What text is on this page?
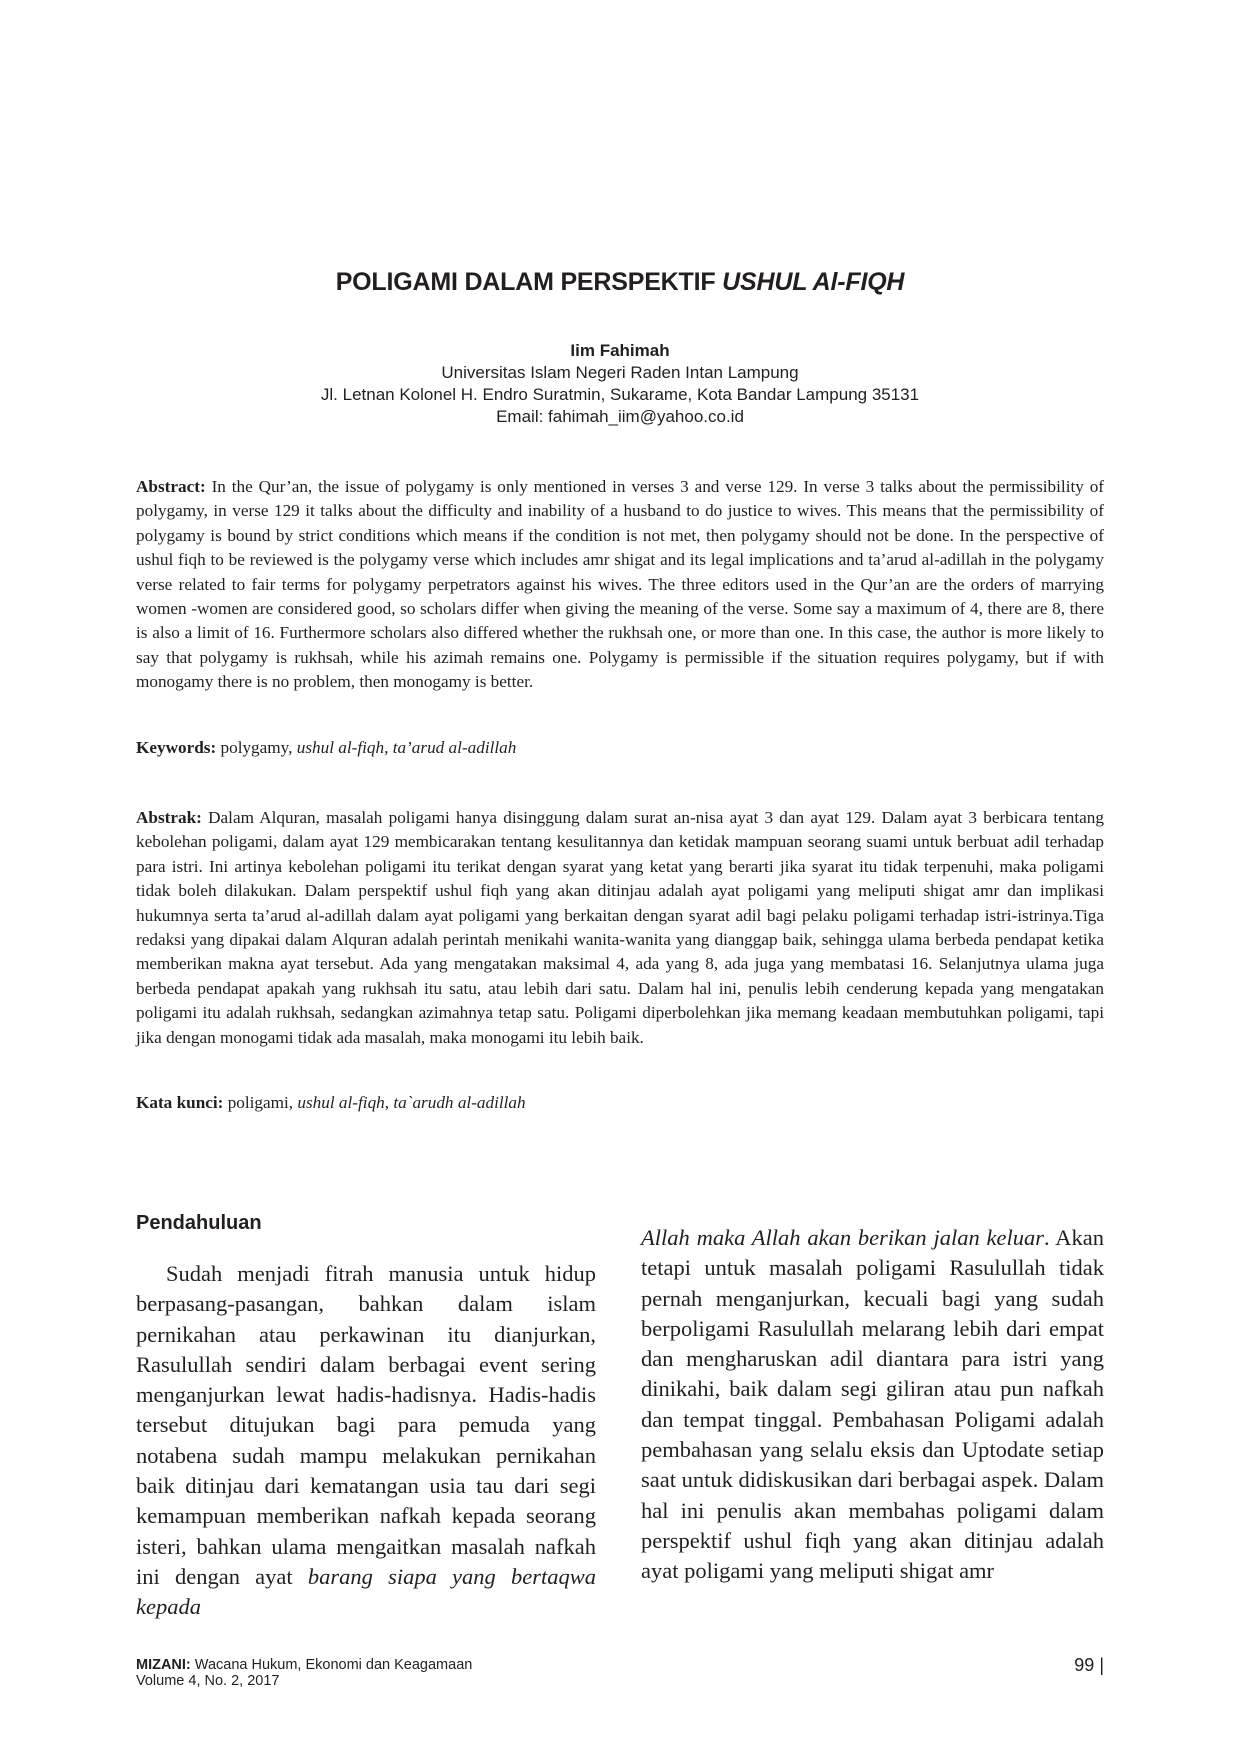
POLIGAMI DALAM PERSPEKTIF USHUL Al-FIQH
Iim Fahimah
Universitas Islam Negeri Raden Intan Lampung
Jl. Letnan Kolonel H. Endro Suratmin, Sukarame, Kota Bandar Lampung 35131
Email: fahimah_iim@yahoo.co.id
Abstract: In the Qur’an, the issue of polygamy is only mentioned in verses 3 and verse 129. In verse 3 talks about the permissibility of polygamy, in verse 129 it talks about the difficulty and inability of a husband to do justice to wives. This means that the permissibility of polygamy is bound by strict conditions which means if the condition is not met, then polygamy should not be done. In the perspective of ushul fiqh to be reviewed is the polygamy verse which includes amr shigat and its legal implications and ta’arud al-adillah in the polygamy verse related to fair terms for polygamy perpetrators against his wives. The three editors used in the Qur’an are the orders of marrying women -women are considered good, so scholars differ when giving the meaning of the verse. Some say a maximum of 4, there are 8, there is also a limit of 16. Furthermore scholars also differed whether the rukhsah one, or more than one. In this case, the author is more likely to say that polygamy is rukhsah, while his azimah remains one. Polygamy is permissible if the situation requires polygamy, but if with monogamy there is no problem, then monogamy is better.
Keywords: polygamy, ushul al-fiqh, ta’arud al-adillah
Abstrak: Dalam Alquran, masalah poligami hanya disinggung dalam surat an-nisa ayat 3 dan ayat 129. Dalam ayat 3 berbicara tentang kebolehan poligami, dalam ayat 129 membicarakan tentang kesulitannya dan ketidak mampuan seorang suami untuk berbuat adil terhadap para istri. Ini artinya kebolehan poligami itu terikat dengan syarat yang ketat yang berarti jika syarat itu tidak terpenuhi, maka poligami tidak boleh dilakukan. Dalam perspektif ushul fiqh yang akan ditinjau adalah ayat poligami yang meliputi shigat amr dan implikasi hukumnya serta ta’arud al-adillah dalam ayat poligami yang berkaitan dengan syarat adil bagi pelaku poligami terhadap istri-istrinya.Tiga redaksi yang dipakai dalam Alquran adalah perintah menikahi wanita-wanita yang dianggap baik, sehingga ulama berbeda pendapat ketika memberikan makna ayat tersebut. Ada yang mengatakan maksimal 4, ada yang 8, ada juga yang membatasi 16. Selanjutnya ulama juga berbeda pendapat apakah yang rukhsah itu satu, atau lebih dari satu. Dalam hal ini, penulis lebih cenderung kepada yang mengatakan poligami itu adalah rukhsah, sedangkan azimahnya tetap satu. Poligami diperbolehkan jika memang keadaan membutuhkan poligami, tapi jika dengan monogami tidak ada masalah, maka monogami itu lebih baik.
Kata kunci: poligami, ushul al-fiqh, ta`arudh al-adillah
Pendahuluan

Sudah menjadi fitrah manusia untuk hidup berpasang-pasangan, bahkan dalam islam pernikahan atau perkawinan itu dianjurkan, Rasulullah sendiri dalam berbagai event sering menganjurkan lewat hadis-hadisnya. Hadis-hadis tersebut ditujukan bagi para pemuda yang notabena sudah mampu melakukan pernikahan baik ditinjau dari kematangan usia tau dari segi kemampuan memberikan nafkah kepada seorang isteri, bahkan ulama mengaitkan masalah nafkah ini dengan ayat barang siapa yang bertaqwa kepada

Allah maka Allah akan berikan jalan keluar. Akan tetapi untuk masalah poligami Rasulullah tidak pernah menganjurkan, kecuali bagi yang sudah berpoligami Rasulullah melarang lebih dari empat dan mengharuskan adil diantara para istri yang dinikahi, baik dalam segi giliran atau pun nafkah dan tempat tinggal. Pembahasan Poligami adalah pembahasan yang selalu eksis dan Uptodate setiap saat untuk didiskusikan dari berbagai aspek. Dalam hal ini penulis akan membahas poligami dalam perspektif ushul fiqh yang akan ditinjau adalah ayat poligami yang meliputi shigat amr

MIZANI: Wacana Hukum, Ekonomi dan Keagamaan
Volume 4, No. 2, 2017
99 |
